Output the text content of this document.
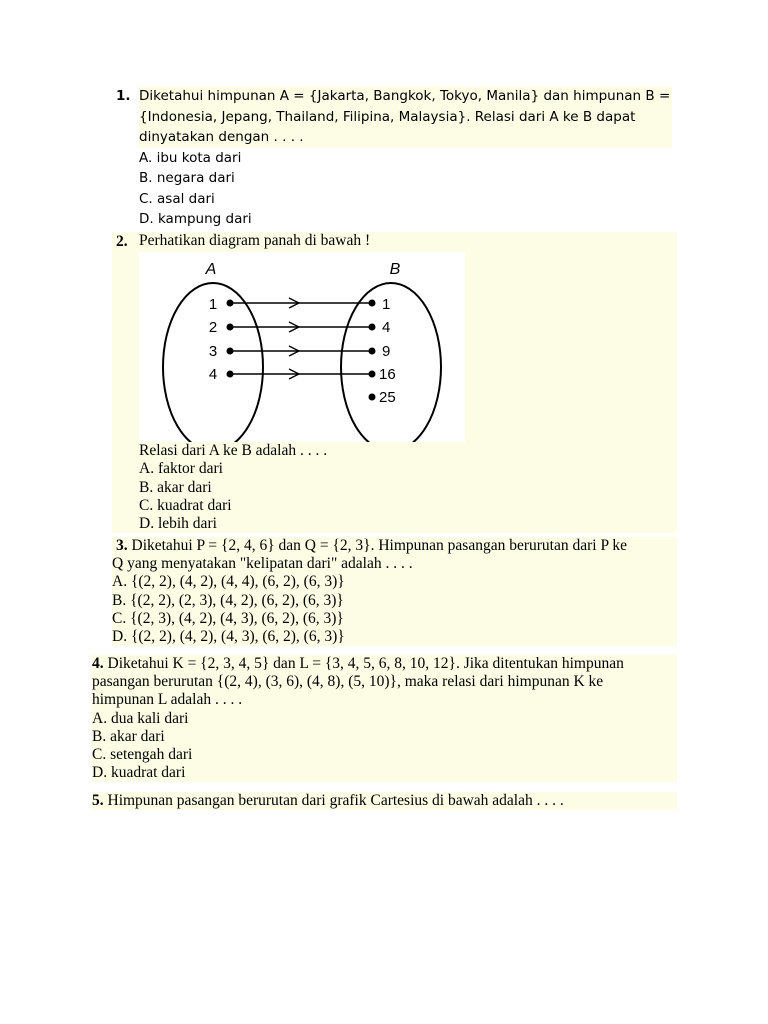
1. Diketahui himpunan A = {Jakarta, Bangkok, Tokyo, Manila} dan himpunan B = {Indonesia, Jepang, Thailand, Filipina, Malaysia}. Relasi dari A ke B dapat dinyatakan dengan . . . .
A. ibu kota dari
B. negara dari
C. asal dari
D. kampung dari
2. Perhatikan diagram panah di bawah !
A	B
1
2
3
4
1
4
9
16
25
Relasi dari A ke B adalah . . . .
A. faktor dari
B. akar dari
C. kuadrat dari
D. lebih dari
3. Diketahui P = {2, 4, 6} dan Q = {2, 3}. Himpunan pasangan berurutan dari P ke
Q yang menyatakan "kelipatan dari" adalah . . . .
A. {(2, 2), (4, 2), (4, 4), (6, 2), (6, 3)}
B. {(2, 2), (2, 3), (4, 2), (6, 2), (6, 3)}
C. {(2, 3), (4, 2), (4, 3), (6, 2), (6, 3)}
D. {(2, 2), (4, 2), (4, 3), (6, 2), (6, 3)}
4. Diketahui K = {2, 3, 4, 5} dan L = {3, 4, 5, 6, 8, 10, 12}. Jika ditentukan himpunan
pasangan berurutan {(2, 4), (3, 6), (4, 8), (5, 10)}, maka relasi dari himpunan K ke
himpunan L adalah . . . .
A. dua kali dari
B. akar dari
C. setengah dari
D. kuadrat dari
5. Himpunan pasangan berurutan dari grafik Cartesius di bawah adalah . . . .
